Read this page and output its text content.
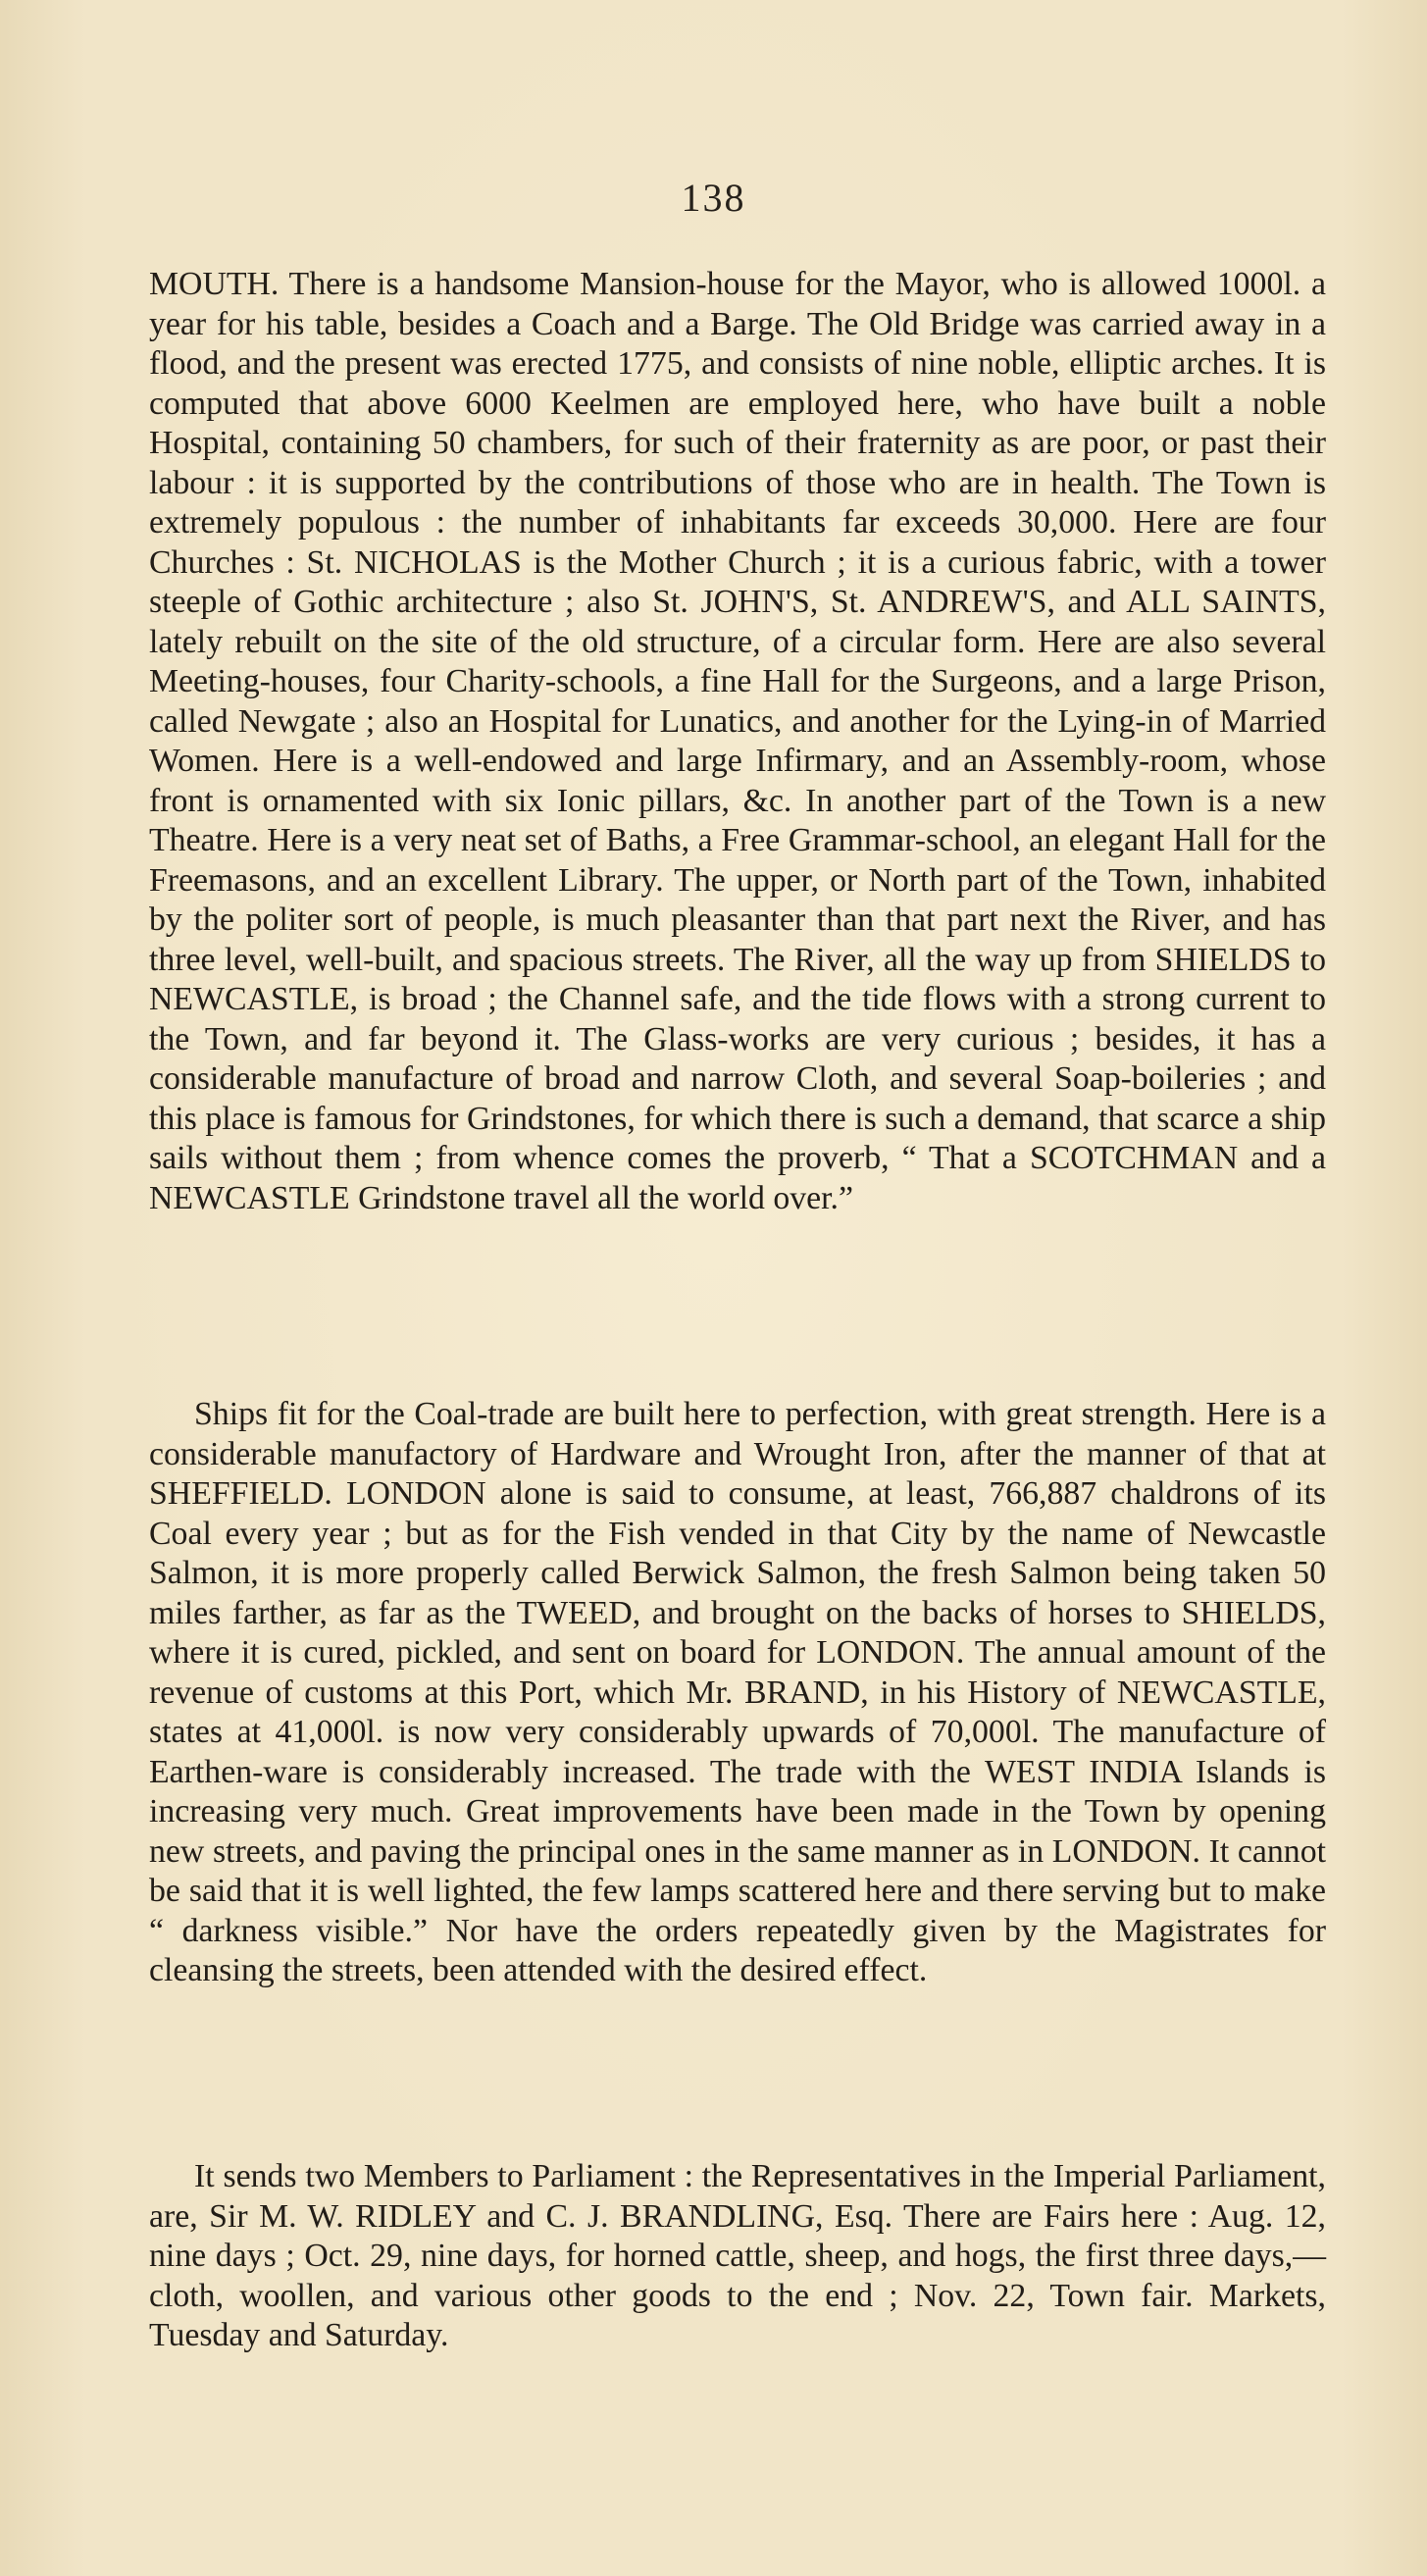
138

MOUTH. There is a handsome Mansion-house for the Mayor, who is allowed 1000l. a year for his table, besides a Coach and a Barge. The Old Bridge was carried away in a flood, and the present was erected 1775, and consists of nine noble, elliptic arches. It is computed that above 6000 Keelmen are employed here, who have built a noble Hospital, containing 50 chambers, for such of their fraternity as are poor, or past their labour : it is supported by the contributions of those who are in health. The Town is extremely populous : the number of inhabitants far exceeds 30,000. Here are four Churches : St. NICHOLAS is the Mother Church ; it is a curious fabric, with a tower steeple of Gothic architecture ; also St. JOHN'S, St. ANDREW'S, and ALL SAINTS, lately rebuilt on the site of the old structure, of a circular form. Here are also several Meeting-houses, four Charity-schools, a fine Hall for the Surgeons, and a large Prison, called Newgate ; also an Hospital for Lunatics, and another for the Lying-in of Married Women. Here is a well-endowed and large Infirmary, and an Assembly-room, whose front is ornamented with six Ionic pillars, &c. In another part of the Town is a new Theatre. Here is a very neat set of Baths, a Free Grammar-school, an elegant Hall for the Freemasons, and an excellent Library. The upper, or North part of the Town, inhabited by the politer sort of people, is much pleasanter than that part next the River, and has three level, well-built, and spacious streets. The River, all the way up from SHIELDS to NEWCASTLE, is broad ; the Channel safe, and the tide flows with a strong current to the Town, and far beyond it. The Glass-works are very curious ; besides, it has a considerable manufacture of broad and narrow Cloth, and several Soap-boileries ; and this place is famous for Grindstones, for which there is such a demand, that scarce a ship sails without them ; from whence comes the proverb, “ That a SCOTCHMAN and a NEWCASTLE Grindstone travel all the world over.”

Ships fit for the Coal-trade are built here to perfection, with great strength. Here is a considerable manufactory of Hardware and Wrought Iron, after the manner of that at SHEFFIELD. LONDON alone is said to consume, at least, 766,887 chaldrons of its Coal every year ; but as for the Fish vended in that City by the name of Newcastle Salmon, it is more properly called Berwick Salmon, the fresh Salmon being taken 50 miles farther, as far as the TWEED, and brought on the backs of horses to SHIELDS, where it is cured, pickled, and sent on board for LONDON. The annual amount of the revenue of customs at this Port, which Mr. BRAND, in his History of NEWCASTLE, states at 41,000l. is now very considerably upwards of 70,000l. The manufacture of Earthen-ware is considerably increased. The trade with the WEST INDIA Islands is increasing very much. Great improvements have been made in the Town by opening new streets, and paving the principal ones in the same manner as in LONDON. It cannot be said that it is well lighted, the few lamps scattered here and there serving but to make “ darkness visible.” Nor have the orders repeatedly given by the Magistrates for cleansing the streets, been attended with the desired effect.

It sends two Members to Parliament : the Representatives in the Imperial Parliament, are, Sir M. W. RIDLEY and C. J. BRANDLING, Esq. There are Fairs here : Aug. 12, nine days ; Oct. 29, nine days, for horned cattle, sheep, and hogs, the first three days,—cloth, woollen, and various other goods to the end ; Nov. 22, Town fair. Markets, Tuesday and Saturday.
